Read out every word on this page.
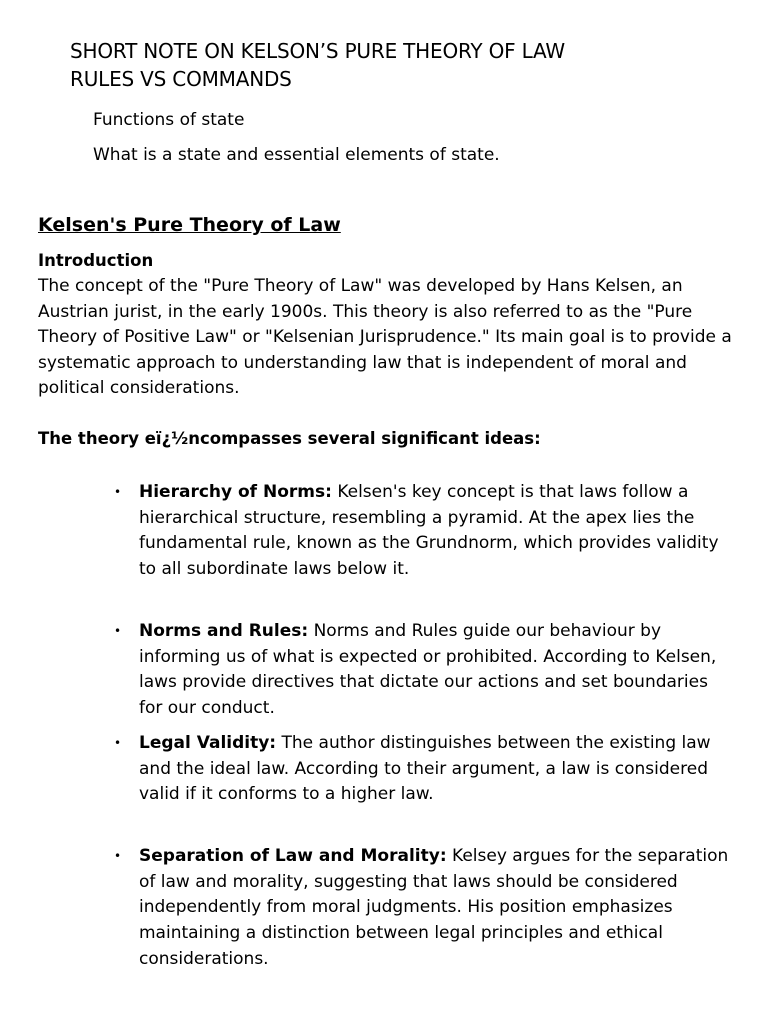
SHORT NOTE ON KELSON’S PURE THEORY OF LAW
RULES VS COMMANDS
Functions of state
What is a state and essential elements of state.
Kelsen's Pure Theory of Law
Introduction

The concept of the "Pure Theory of Law" was developed by Hans Kelsen, an Austrian jurist, in the early 1900s. This theory is also referred to as the "Pure Theory of Positive Law" or "Kelsenian Jurisprudence." Its main goal is to provide a systematic approach to understanding law that is independent of moral and political considerations.

The theory eï¿½ncompasses several significant ideas:
• Hierarchy of Norms: Kelsen's key concept is that laws follow a hierarchical structure, resembling a pyramid. At the apex lies the fundamental rule, known as the Grundnorm, which provides validity to all subordinate laws below it.
• Norms and Rules: Norms and Rules guide our behaviour by informing us of what is expected or prohibited. According to Kelsen, laws provide directives that dictate our actions and set boundaries for our conduct.
• Legal Validity: The author distinguishes between the existing law and the ideal law. According to their argument, a law is considered valid if it conforms to a higher law.
• Separation of Law and Morality: Kelsey argues for the separation of law and morality, suggesting that laws should be considered independently from moral judgments. His position emphasizes maintaining a distinction between legal principles and ethical considerations.
